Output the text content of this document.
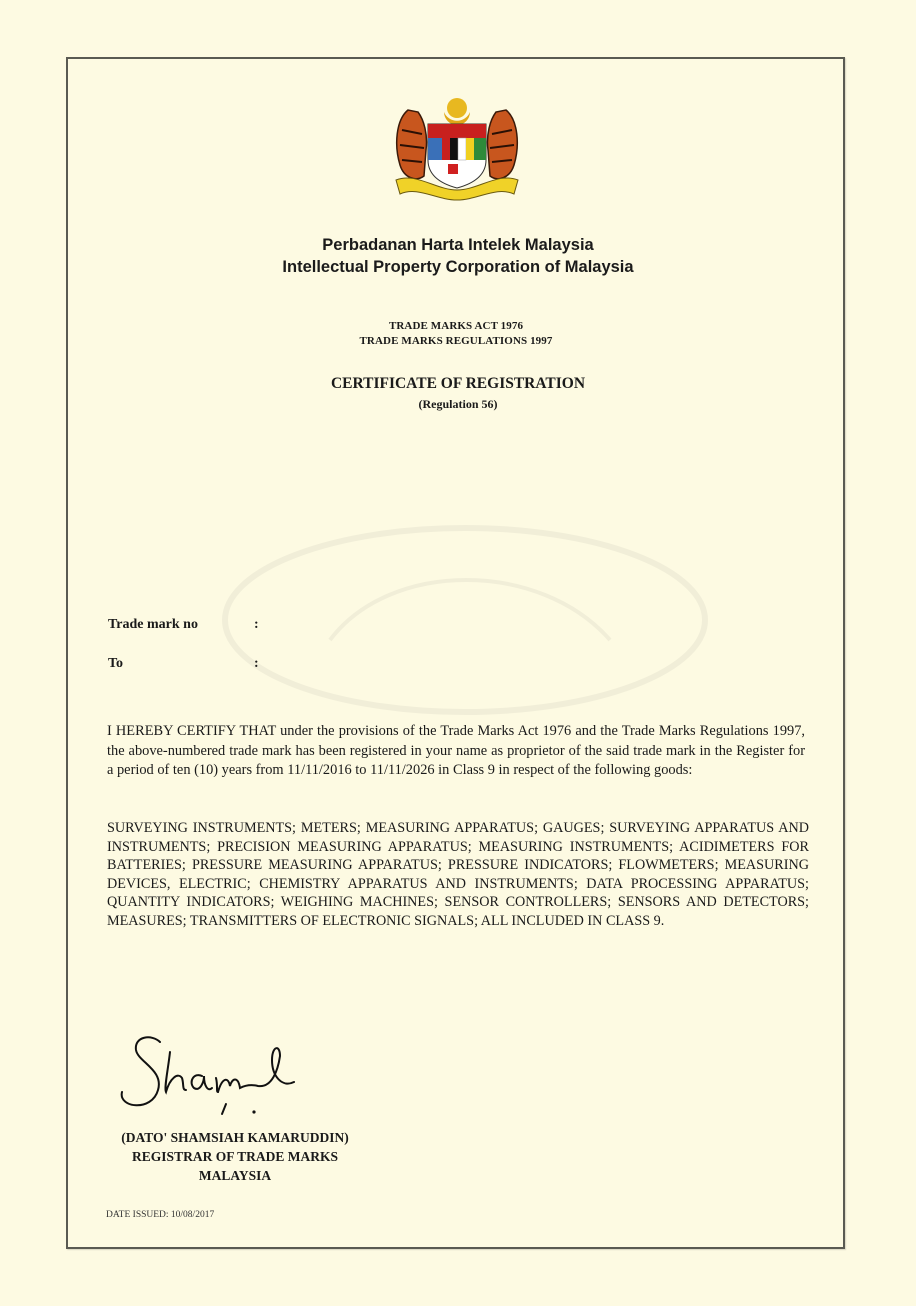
Perbadanan Harta Intelek Malaysia
Intellectual Property Corporation of Malaysia
TRADE MARKS ACT 1976
TRADE MARKS REGULATIONS 1997
CERTIFICATE OF REGISTRATION
(Regulation 56)
Trade mark no	:
To	:
I HEREBY CERTIFY THAT under the provisions of the Trade Marks Act 1976 and the Trade Marks Regulations 1997, the above-numbered trade mark has been registered in your name as proprietor of the said trade mark in the Register for a period of ten (10) years from 11/11/2016 to 11/11/2026 in Class 9 in respect of the following goods:
SURVEYING INSTRUMENTS; METERS; MEASURING APPARATUS; GAUGES; SURVEYING APPARATUS AND INSTRUMENTS; PRECISION MEASURING APPARATUS; MEASURING INSTRUMENTS; ACIDIMETERS FOR BATTERIES; PRESSURE MEASURING APPARATUS; PRESSURE INDICATORS; FLOWMETERS; MEASURING DEVICES, ELECTRIC; CHEMISTRY APPARATUS AND INSTRUMENTS; DATA PROCESSING APPARATUS; QUANTITY INDICATORS; WEIGHING MACHINES; SENSOR CONTROLLERS; SENSORS AND DETECTORS; MEASURES; TRANSMITTERS OF ELECTRONIC SIGNALS; ALL INCLUDED IN CLASS 9.
(DATO' SHAMSIAH KAMARUDDIN)
REGISTRAR OF TRADE MARKS
MALAYSIA
DATE ISSUED: 10/08/2017
